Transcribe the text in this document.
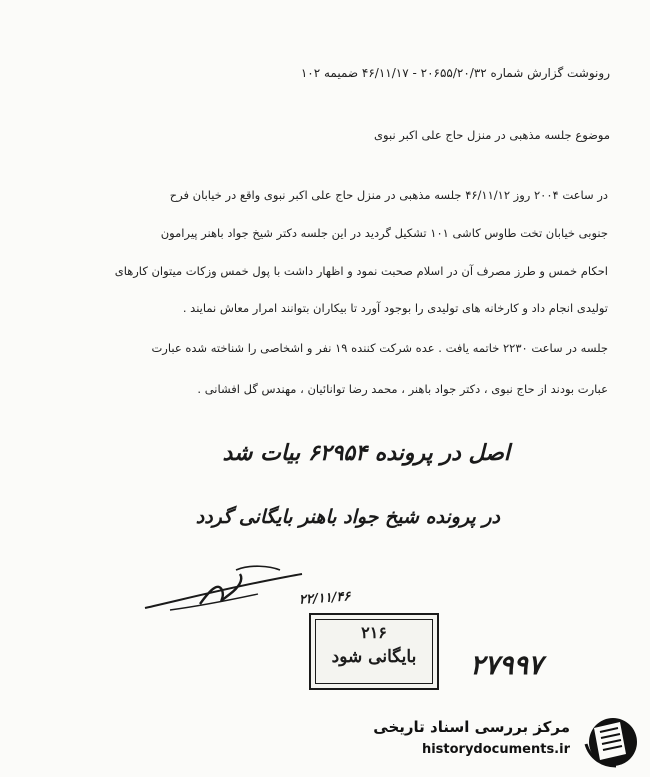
رونوشت گزارش شماره ۲۰۶۵۵/۲۰/۳۲ - ۴۶/۱۱/۱۷ ضمیمه ۱۰۲
موضوع جلسه مذهبی در منزل حاج علی اکبر نبوی
در ساعت ۲۰۰۴ روز ۴۶/۱۱/۱۲ جلسه مذهبی در منزل حاج علی اکبر نبوی واقع در خیابان فرح
جنوبی خیابان تخت طاوس کاشی ۱۰۱ تشکیل گردید در این جلسه دکتر شیخ جواد باهنر پیرامون
احکام خمس و طرز مصرف آن در اسلام صحبت نمود و اظهار داشت با پول خمس وزکات میتوان کارهای
تولیدی انجام داد و کارخانه های تولیدی را بوجود آورد تا بیکاران بتوانند امرار معاش نمایند .
جلسه در ساعت ۲۲۳۰ خاتمه یافت . عده شرکت کننده ۱۹ نفر و اشخاصی را شناخته شده عبارت
عبارت بودند از حاج نبوی ، دکتر جواد باهنر ، محمد رضا توانائیان ، مهندس گل افشانی .
اصل در پرونده ۶۲۹۵۴ بیات شد
در پرونده شیخ جواد باهنر بایگانی گردد
۲۲/۱۱/۴۶
۲۱۶
بایگانی شود	۲۷۹۹۷
مرکز بررسی اسناد تاریخی
historydocuments.ir
